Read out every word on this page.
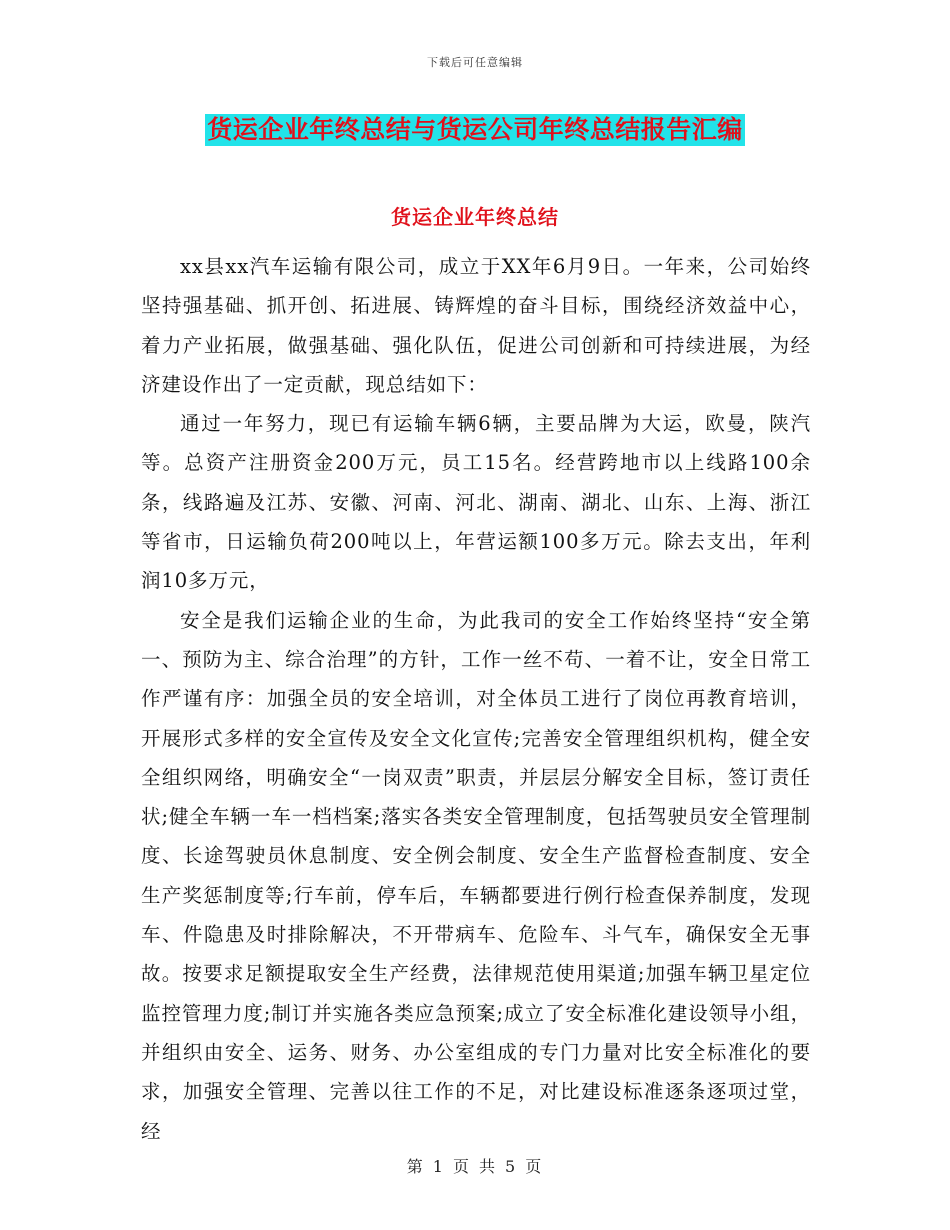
下载后可任意编辑
货运企业年终总结与货运公司年终总结报告汇编
货运企业年终总结

xx县xx汽车运输有限公司，成立于XX年6月9日。一年来，公司始终坚持强基础、抓开创、拓进展、铸辉煌的奋斗目标，围绕经济效益中心，着力产业拓展，做强基础、强化队伍，促进公司创新和可持续进展，为经济建设作出了一定贡献，现总结如下：

通过一年努力，现已有运输车辆6辆，主要品牌为大运，欧曼，陕汽等。总资产注册资金200万元，员工15名。经营跨地市以上线路100余条，线路遍及江苏、安徽、河南、河北、湖南、湖北、山东、上海、浙江等省市，日运输负荷200吨以上，年营运额100多万元。除去支出，年利润10多万元，

安全是我们运输企业的生命，为此我司的安全工作始终坚持“安全第一、预防为主、综合治理”的方针，工作一丝不苟、一着不让，安全日常工作严谨有序：加强全员的安全培训，对全体员工进行了岗位再教育培训，开展形式多样的安全宣传及安全文化宣传;完善安全管理组织机构，健全安全组织网络，明确安全“一岗双责”职责，并层层分解安全目标，签订责任状;健全车辆一车一档档案;落实各类安全管理制度，包括驾驶员安全管理制度、长途驾驶员休息制度、安全例会制度、安全生产监督检查制度、安全生产奖惩制度等;行车前，停车后，车辆都要进行例行检查保养制度，发现车、件隐患及时排除解决，不开带病车、危险车、斗气车，确保安全无事故。按要求足额提取安全生产经费，法律规范使用渠道;加强车辆卫星定位监控管理力度;制订并实施各类应急预案;成立了安全标准化建设领导小组，并组织由安全、运务、财务、办公室组成的专门力量对比安全标准化的要求，加强安全管理、完善以往工作的不足，对比建设标准逐条逐项过堂，经

第 1 页 共 5 页
